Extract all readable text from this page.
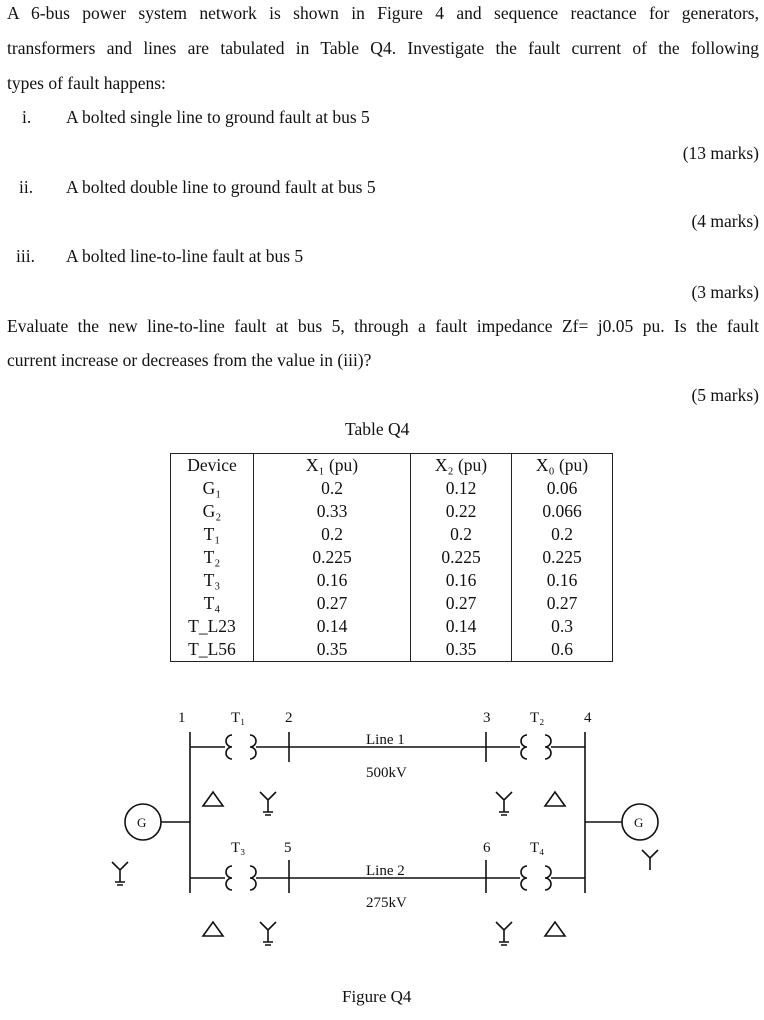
A 6-bus power system network is shown in Figure 4 and sequence reactance for generators,
transformers and lines are tabulated in Table Q4. Investigate the fault current of the following
types of fault happens:
i. A bolted single line to ground fault at bus 5
(13 marks)
ii. A bolted double line to ground fault at bus 5
(4 marks)
iii. A bolted line-to-line fault at bus 5
(3 marks)
Evaluate the new line-to-line fault at bus 5, through a fault impedance Zf= j0.05 pu. Is the fault
current increase or decreases from the value in (iii)?
(5 marks)
Table Q4
Device	X₁ (pu)	X₂ (pu)	X₀ (pu)
G₁	0.2	0.12	0.06
G₂	0.33	0.22	0.066
T₁	0.2	0.2	0.2
T₂	0.225	0.225	0.225
T₃	0.16	0.16	0.16
T₄	0.27	0.27	0.27
T_L23	0.14	0.14	0.3
T_L56	0.35	0.35	0.6
1	2	3	4
5	6
T₁	T₂
T₃	T₄
Line 1
500kV
Line 2
275kV
G	G
Figure Q4
